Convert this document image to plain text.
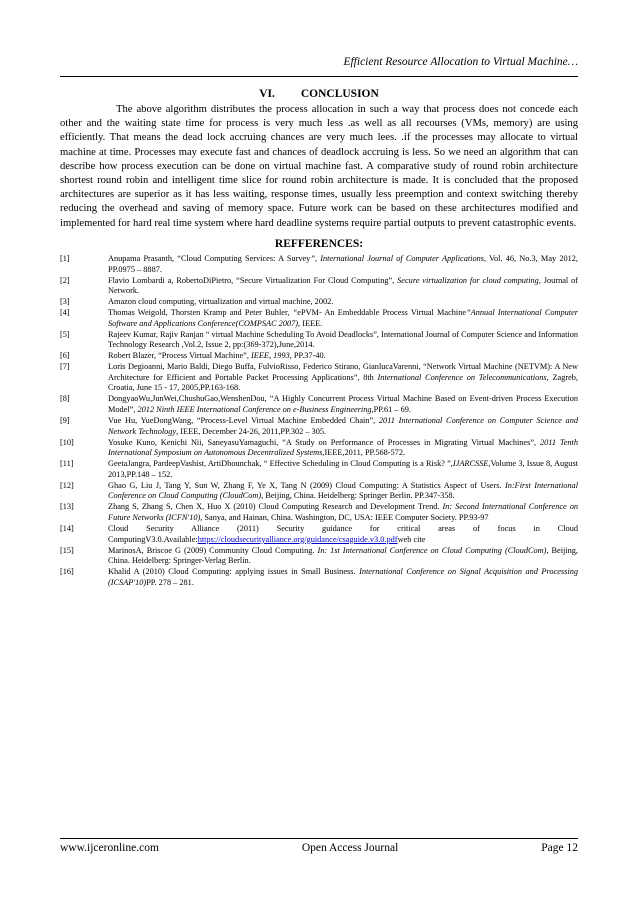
Efficient Resource Allocation to Virtual Machine…
VI. CONCLUSION

The above algorithm distributes the process allocation in such a way that process does not concede each other and the waiting state time for process is very much less .as well as all recourses (VMs, memory) are using efficiently. That means the dead lock accruing chances are very much lees. .if the processes may allocate to virtual machine at time. Processes may execute fast and chances of deadlock accruing is less. So we need an algorithm that can describe how process execution can be done on virtual machine fast. A comparative study of round robin architecture shortest round robin and intelligent time slice for round robin architecture is made. It is concluded that the proposed architectures are superior as it has less waiting, response times, usually less preemption and context switching thereby reducing the overhead and saving of memory space. Future work can be based on these architectures modified and implemented for hard real time system where hard deadline systems require partial outputs to prevent catastrophic events.

REFFERENCES:
[1]	Anupama Prasanth, “Cloud Computing Services: A Survey”, International Journal of Computer Applications, Vol. 46, No.3, May 2012, PP.0975 – 8887.
[2]	Flavio Lombardi a, RobertoDiPietro, “Secure Virtualization For Cloud Computing”, Secure virtualization for cloud computing, Journal of Network.
[3]	Amazon cloud computing, virtualization and virtual machine, 2002.
[4]	Thomas Weigold, Thorsten Kramp and Peter Buhler, “ePVM- An Embeddable Process Virtual Machine”Annual International Computer Software and Applications Conference(COMPSAC 2007), IEEE.
[5]	Rajeev Kumar, Rajiv Ranjan “ virtual Machine Scheduling To Avoid Deadlocks”, International Journal of Computer Science and Information Technology Research ,Vol.2, Issue 2, pp:(369-372),June,2014.
[6]	Robert Blazer, “Process Virtual Machine”, IEEE, 1993, PP.37-40.
[7]	Loris Degioanni, Mario Baldi, Diego Buffa, FulvioRisso, Federico Stirano, GianlucaVarenni, “Network Virtual Machine (NETVM): A New Architecture for Efficient and Portable Packet Processing Applications”, 8th International Conference on Telecommunications, Zagreb, Croatia, June 15 - 17, 2005,PP.163-168.
[8]	DongyaoWu,JunWei,ChushuGao,WenshenDou, “A Highly Concurrent Process Virtual Machine Based on Event-driven Process Execution Model”, 2012 Ninth IEEE International Conference on e-Business Engineering,PP.61 – 69.
[9]	Vue Hu, YueDongWang, “Process-Level Virtual Machine Embedded Chain”, 2011 International Conference on Computer Science and Network Technology, IEEE, December 24-26, 2011,PP.302 – 305.
[10]	Yosuke Kuno, Kenichi Nii, SaneyasuYamaguchi, “A Study on Performance of Processes in Migrating Virtual Machines”, 2011 Tenth International Symposium on Autonomous Decentralized Systems,IEEE,2011, PP.568-572.
[11]	GeetaJangra, PardeepVashist, ArtiDhounchak, “ Effective Scheduling in Cloud Computing is a Risk? ”,IJARCSSE,Volume 3, Issue 8, August 2013,PP.148 – 152.
[12]	Ghao G, Liu J, Tang Y, Sun W, Zhang F, Ye X, Tang N (2009) Cloud Computing: A Statistics Aspect of Users. In:First International Conference on Cloud Computing (CloudCom), Beijing, China. Heidelberg: Springer Berlin. PP.347-358.
[13]	Zhang S, Zhang S, Chen X, Huo X (2010) Cloud Computing Research and Development Trend. In: Second International Conference on Future Networks (ICFN'10), Sanya, and Hainan, China. Washington, DC, USA: IEEE Computer Society. PP.93-97
[14]	Cloud Security Alliance (2011) Security guidance for critical areas of focus in Cloud ComputingV3.0.Available:https://cloudsecurityalliance.org/guidance/csaguide.v3.0.pdfweb cite
[15]	MarinosA, Briscoe G (2009) Community Cloud Computing. In: 1st International Conference on Cloud Computing (CloudCom), Beijing, China. Heidelberg: Springer-Verlag Berlin.
[16]	Khalid A (2010) Cloud Computing: applying issues in Small Business. International Conference on Signal Acquisition and Processing (ICSAP'10)PP. 278 – 281.
www.ijceronline.com	Open Access Journal	Page 12
